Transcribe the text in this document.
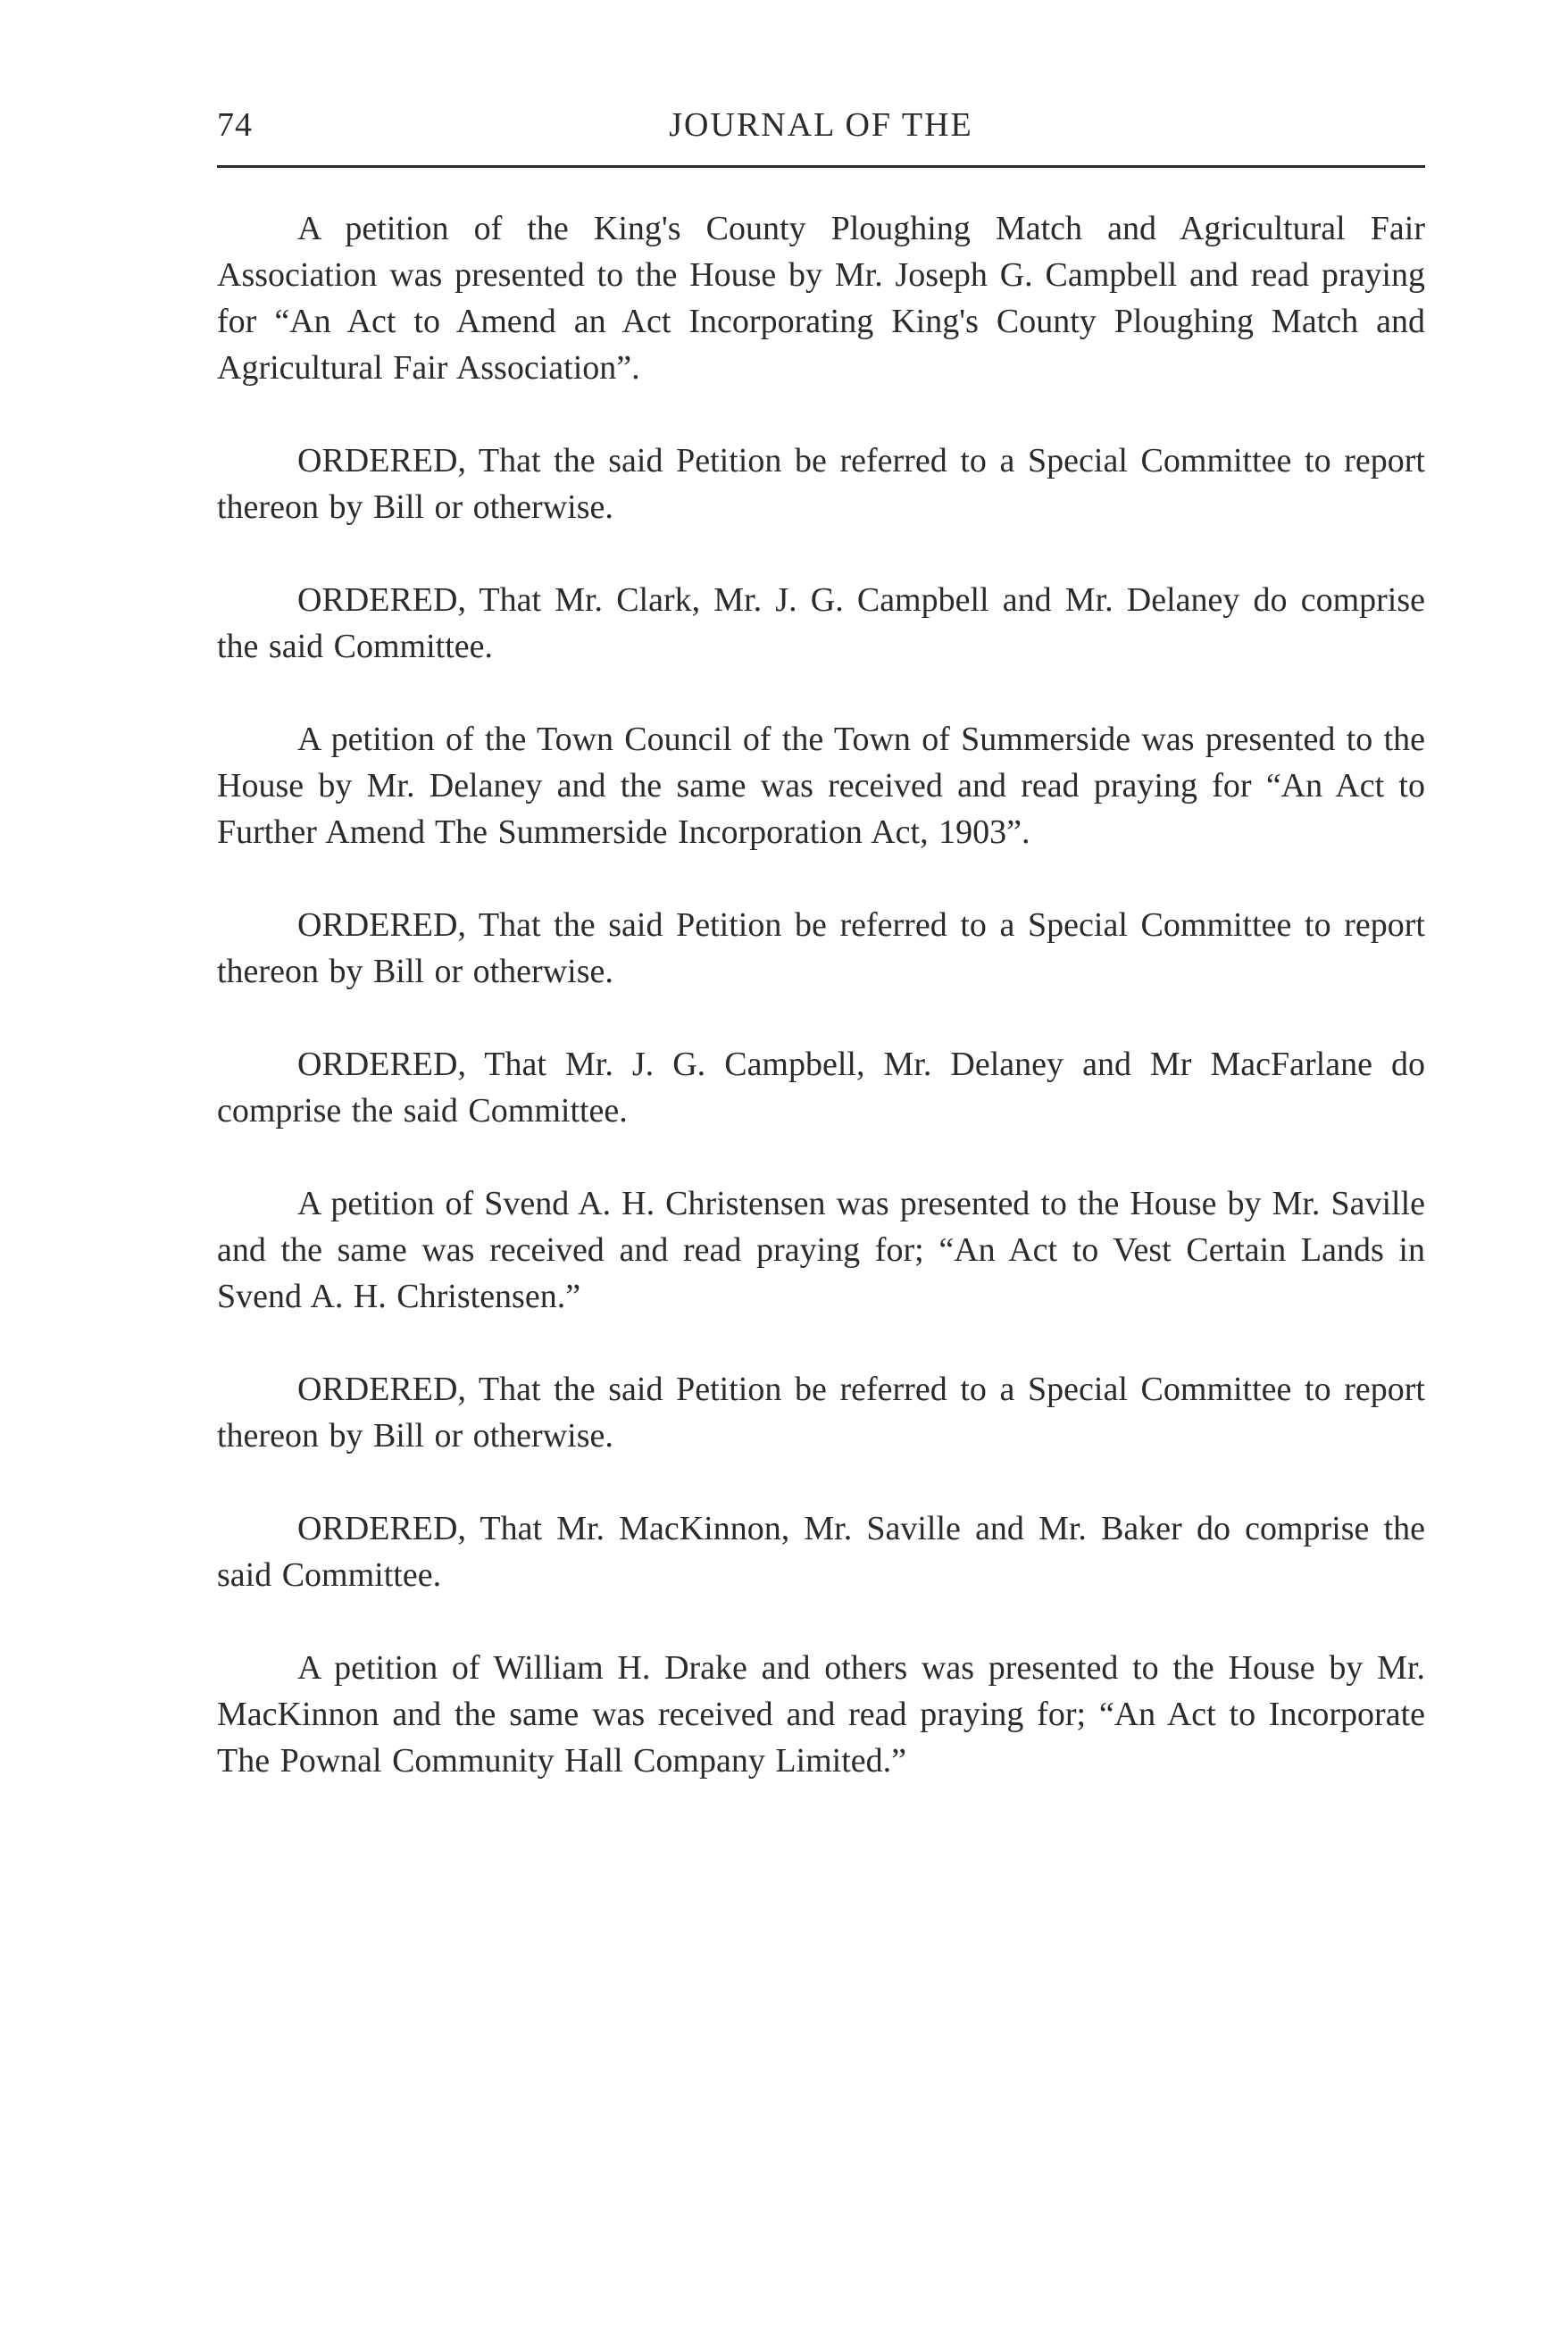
74	JOURNAL OF THE

A petition of the King's County Ploughing Match and Agricultural Fair Association was presented to the House by Mr. Joseph G. Campbell and read praying for “An Act to Amend an Act Incorporating King's County Ploughing Match and Agricultural Fair Association”.

ORDERED, That the said Petition be referred to a Special Committee to report thereon by Bill or otherwise.

ORDERED, That Mr. Clark, Mr. J. G. Campbell and Mr. Delaney do comprise the said Committee.

A petition of the Town Council of the Town of Summerside was presented to the House by Mr. Delaney and the same was received and read praying for “An Act to Further Amend The Summerside Incorporation Act, 1903”.

ORDERED, That the said Petition be referred to a Special Committee to report thereon by Bill or otherwise.

ORDERED, That Mr. J. G. Campbell, Mr. Delaney and Mr MacFarlane do comprise the said Committee.

A petition of Svend A. H. Christensen was presented to the House by Mr. Saville and the same was received and read praying for; “An Act to Vest Certain Lands in Svend A. H. Christensen.”

ORDERED, That the said Petition be referred to a Special Committee to report thereon by Bill or otherwise.

ORDERED, That Mr. MacKinnon, Mr. Saville and Mr. Baker do comprise the said Committee.

A petition of William H. Drake and others was presented to the House by Mr. MacKinnon and the same was received and read praying for; “An Act to Incorporate The Pownal Community Hall Company Limited.”
